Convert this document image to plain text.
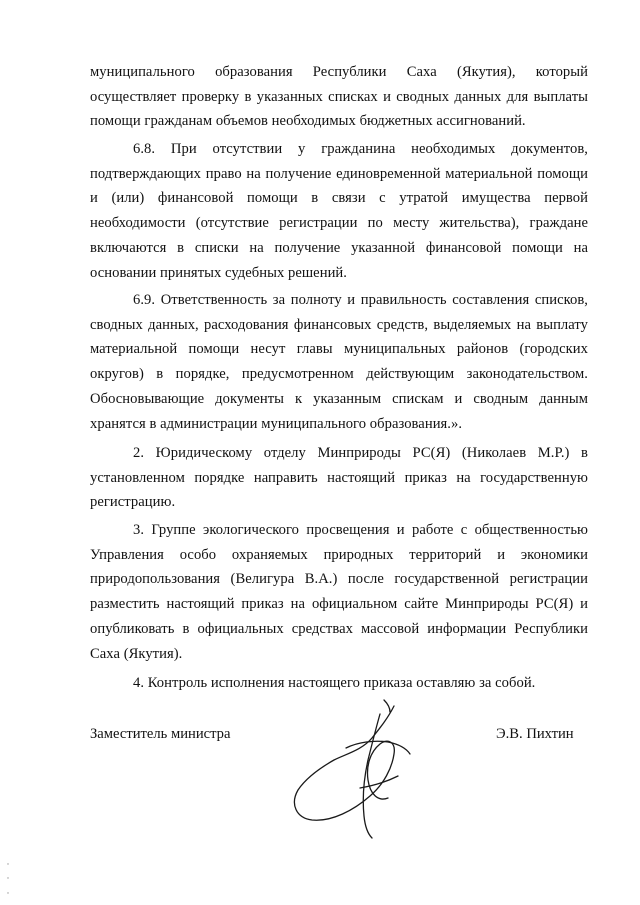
муниципального образования Республики Саха (Якутия), который
осуществляет проверку в указанных списках и сводных данных для выплаты помощи гражданам объемов необходимых бюджетных ассигнований.

6.8. При отсутствии у гражданина необходимых документов, подтверждающих право на получение единовременной материальной помощи и (или) финансовой помощи в связи с утратой имущества первой необходимости (отсутствие регистрации по месту жительства), граждане включаются в списки на получение указанной финансовой помощи на основании принятых судебных решений.

6.9. Ответственность за полноту и правильность составления списков, сводных данных, расходования финансовых средств, выделяемых на выплату материальной помощи несут главы муниципальных районов (городских округов) в порядке, предусмотренном действующим законодательством. Обосновывающие документы к указанным спискам и сводным данным хранятся в администрации муниципального образования.».

2. Юридическому отделу Минприроды РС(Я) (Николаев М.Р.) в установленном порядке направить настоящий приказ на государственную регистрацию.

3. Группе экологического просвещения и работе с общественностью Управления особо охраняемых природных территорий и экономики природопользования (Велигура В.А.) после государственной регистрации разместить настоящий приказ на официальном сайте Минприроды РС(Я) и опубликовать в официальных средствах массовой информации Республики Саха (Якутия).

4. Контроль исполнения настоящего приказа оставляю за собой.

Заместитель министра	Э.В. Пихтин
